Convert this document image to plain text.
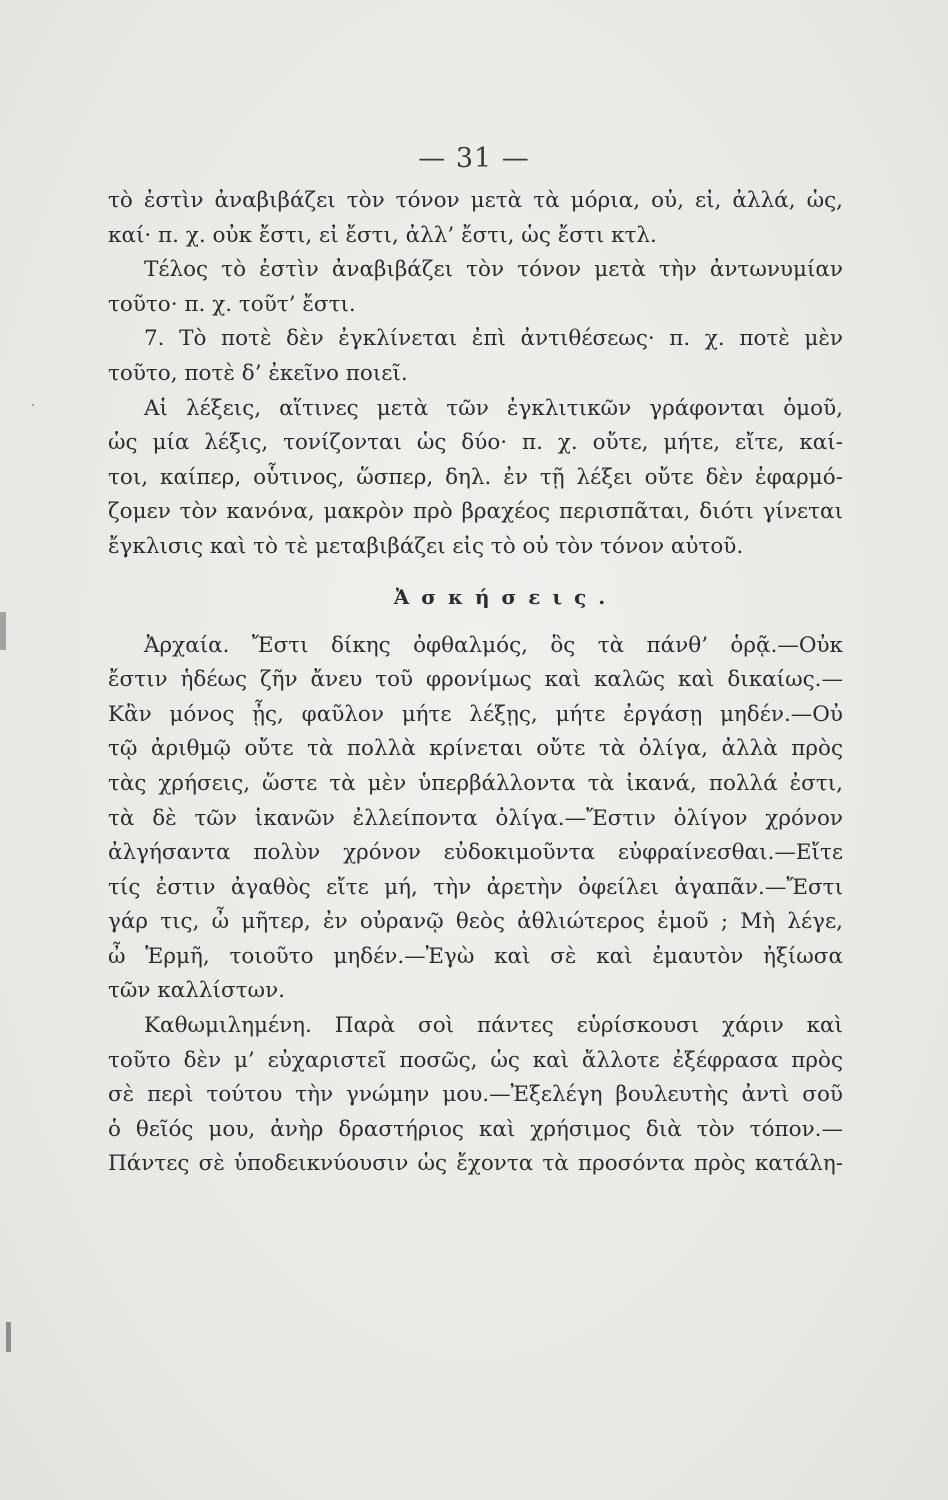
— 31 —
τὸ ἐστὶν ἀναβιβάζει τὸν τόνον μετὰ τὰ μόρια, οὐ, εἰ, ἀλλά, ὡς,
καί· π. χ. οὐκ ἔστι, εἰ ἔστι, ἀλλ’ ἔστι, ὡς ἔστι κτλ.
Τέλος τὸ ἐστὶν ἀναβιβάζει τὸν τόνον μετὰ τὴν ἀντωνυμίαν
τοῦτο· π. χ. τοῦτ’ ἔστι.
7. Τὸ ποτὲ δὲν ἐγκλίνεται ἐπὶ ἀντιθέσεως· π. χ. ποτὲ μὲν
τοῦτο, ποτὲ δ’ ἐκεῖνο ποιεῖ.
Αἱ λέξεις, αἵτινες μετὰ τῶν ἐγκλιτικῶν γράφονται ὁμοῦ,
ὡς μία λέξις, τονίζονται ὡς δύο· π. χ. οὔτε, μήτε, εἴτε, καί-
τοι, καίπερ, οὗτινος, ὥσπερ, δηλ. ἐν τῇ λέξει οὔτε δὲν ἐφαρμό-
ζομεν τὸν κανόνα, μακρὸν πρὸ βραχέος περισπᾶται, διότι γίνεται
ἔγκλισις καὶ τὸ τὲ μεταβιβάζει εἰς τὸ οὐ τὸν τόνον αὐτοῦ.
Ἀσκήσεις.
Ἀρχαία. Ἔστι δίκης ὀφθαλμός, ὃς τὰ πάνθ’ ὁρᾷ.—Οὐκ
ἔστιν ἡδέως ζῆν ἄνευ τοῦ φρονίμως καὶ καλῶς καὶ δικαίως.—
Κἂν μόνος ᾖς, φαῦλον μήτε λέξῃς, μήτε ἐργάσῃ μηδέν.—Οὐ
τῷ ἀριθμῷ οὔτε τὰ πολλὰ κρίνεται οὔτε τὰ ὀλίγα, ἀλλὰ πρὸς
τὰς χρήσεις, ὥστε τὰ μὲν ὑπερβάλλοντα τὰ ἱκανά, πολλά ἐστι,
τὰ δὲ τῶν ἱκανῶν ἐλλείποντα ὀλίγα.—Ἔστιν ὀλίγον χρόνον
ἀλγήσαντα πολὺν χρόνον εὐδοκιμοῦντα εὐφραίνεσθαι.—Εἴτε
τίς ἐστιν ἀγαθὸς εἴτε μή, τὴν ἀρετὴν ὀφείλει ἀγαπᾶν.—Ἔστι
γάρ τις, ὦ μῆτερ, ἐν οὐρανῷ θεὸς ἀθλιώτερος ἐμοῦ ; Μὴ λέγε,
ὦ Ἑρμῆ, τοιοῦτο μηδέν.—Ἐγὼ καὶ σὲ καὶ ἐμαυτὸν ἠξίωσα
τῶν καλλίστων.
Καθωμιλημένη. Παρὰ σοὶ πάντες εὑρίσκουσι χάριν καὶ
τοῦτο δὲν μ’ εὐχαριστεῖ ποσῶς, ὡς καὶ ἄλλοτε ἐξέφρασα πρὸς
σὲ περὶ τούτου τὴν γνώμην μου.—Ἐξελέγη βουλευτὴς ἀντὶ σοῦ
ὁ θεῖός μου, ἀνὴρ δραστήριος καὶ χρήσιμος διὰ τὸν τόπον.—
Πάντες σὲ ὑποδεικνύουσιν ὡς ἔχοντα τὰ προσόντα πρὸς κατάλη-
